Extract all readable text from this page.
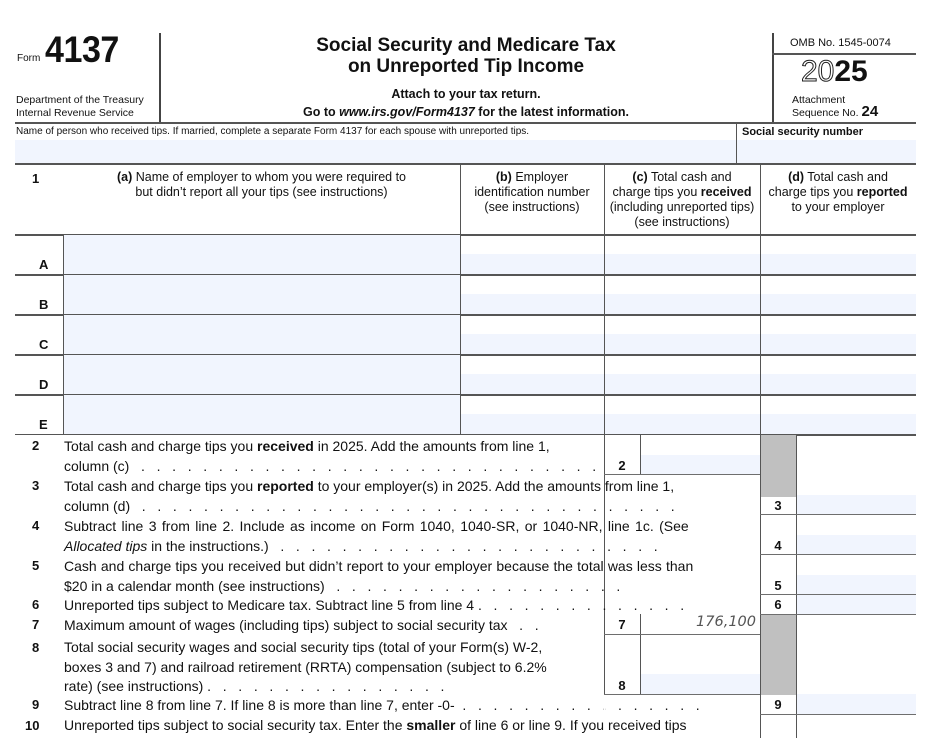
Form 4137
Department of the Treasury
Internal Revenue Service
Social Security and Medicare Tax
on Unreported Tip Income
Attach to your tax return.
Go to www.irs.gov/Form4137 for the latest information.
OMB No. 1545-0074
2025
Attachment
Sequence No. 24
Name of person who received tips. If married, complete a separate Form 4137 for each spouse with unreported tips.	Social security number
1	(a) Name of employer to whom you were required to
but didn’t report all your tips (see instructions)
(b) Employer
identification number
(see instructions)
(c) Total cash and
charge tips you received
(including unreported tips)
(see instructions)
(d) Total cash and
charge tips you reported
to your employer
A
B
C
D
E
2 Total cash and charge tips you received in 2025. Add the amounts from line 1,
column (c)   .   .   .   .   .   .   .   .   .   .   .   .   .   .   .   .   .   .   .   .   .   .   .   .   .   .   .   .   .   .	2
3 Total cash and charge tips you reported to your employer(s) in 2025. Add the amounts from line 1,
column (d)   .   .   .   .   .   .   .   .   .   .   .   .   .   .   .   .   .   .   .   .   .   .   .   .   .   .   .   .   .   .   .   .   .   .   .	3
4 Subtract line 3 from line 2. Include as income on Form 1040, 1040-SR, or 1040-NR, line 1c. (See
Allocated tips in the instructions.)   .   .   .   .   .   .   .   .   .   .   .   .   .   .   .   .   .   .   .   .   .   .   .   .   .	4
5 Cash and charge tips you received but didn’t report to your employer because the total was less than
$20 in a calendar month (see instructions)   .   .   .   .   .   .   .   .   .   .   .   .   .   .   .   .   .   .   .	5
6 Unreported tips subject to Medicare tax. Subtract line 5 from line 4 .   .   .   .   .   .   .   .   .   .   .   .   .   .	6
7 Maximum amount of wages (including tips) subject to social security tax   .   .	7	176,100
8 Total social security wages and social security tips (total of your Form(s) W-2,
boxes 3 and 7) and railroad retirement (RRTA) compensation (subject to 6.2%
rate) (see instructions) .   .   .   .   .   .   .   .   .   .   .   .   .   .   .   .	8
9 Subtract line 8 from line 7. If line 8 is more than line 7, enter -0-  .   .   .   .   .   .   .   .   .   .   .   .   .   .   .   .	9
10 Unreported tips subject to social security tax. Enter the smaller of line 6 or line 9. If you received tips
